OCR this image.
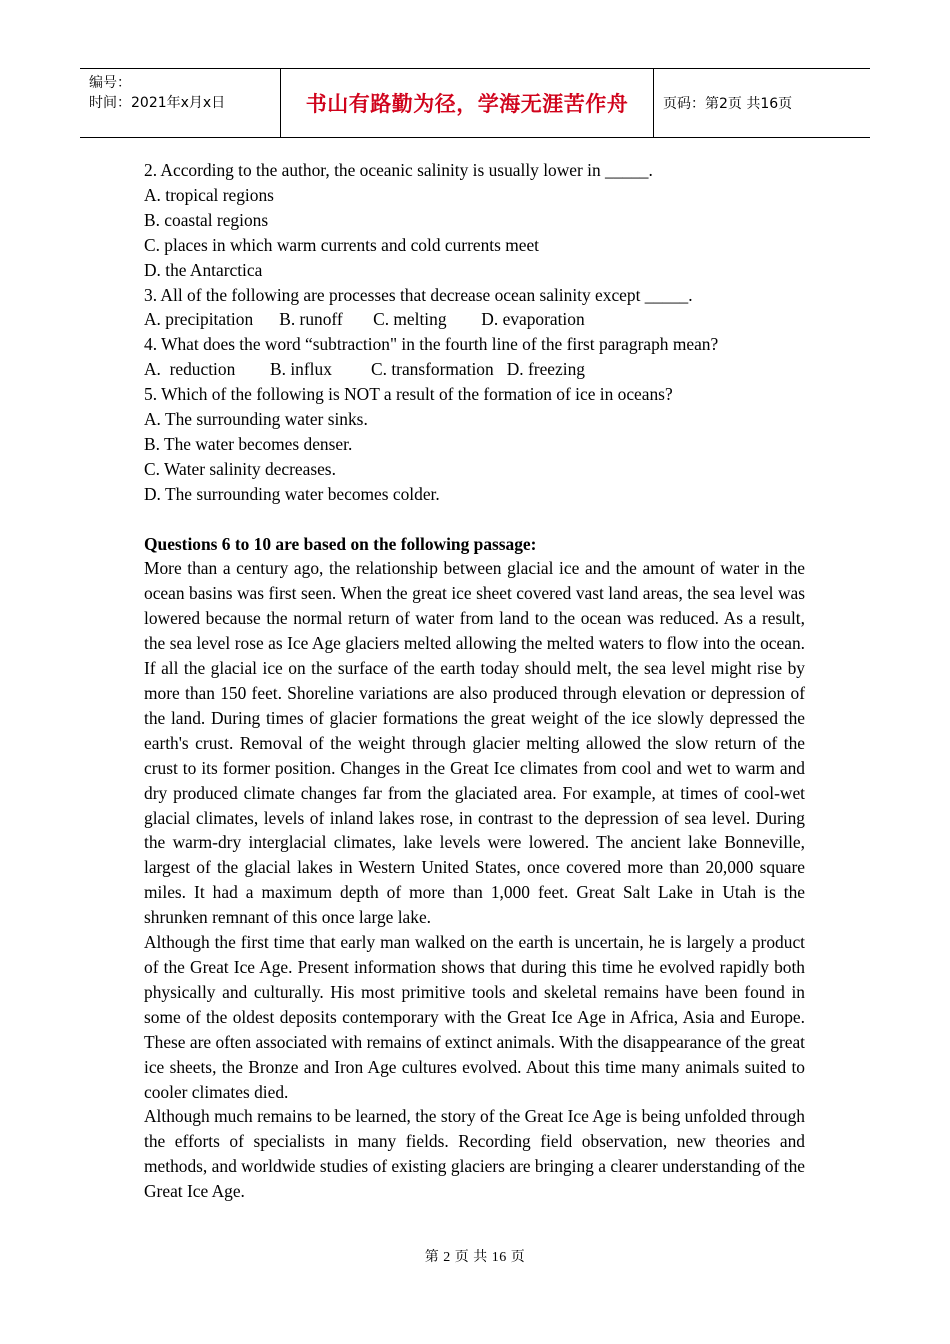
编号：
时间：2021年x月x日	书山有路勤为径，学海无涯苦作舟	页码：第2页 共16页
2. According to the author, the oceanic salinity is usually lower in _____.
A. tropical regions
B. coastal regions
C. places in which warm currents and cold currents meet
D. the Antarctica
3. All of the following are processes that decrease ocean salinity except _____.
A. precipitation      B. runoff       C. melting        D. evaporation
4. What does the word “subtraction" in the fourth line of the first paragraph mean?
A.  reduction        B. influx         C. transformation   D. freezing
5. Which of the following is NOT a result of the formation of ice in oceans?
A. The surrounding water sinks.
B. The water becomes denser.
C. Water salinity decreases.
D. The surrounding water becomes colder.
Questions 6 to 10 are based on the following passage:
More than a century ago, the relationship between glacial ice and the amount of water in the ocean basins was first seen. When the great ice sheet covered vast land areas, the sea level was lowered because the normal return of water from land to the ocean was reduced. As a result, the sea level rose as Ice Age glaciers melted allowing the melted waters to flow into the ocean. If all the glacial ice on the surface of the earth today should melt, the sea level might rise by more than 150 feet. Shoreline variations are also produced through elevation or depression of the land. During times of glacier formations the great weight of the ice slowly depressed the earth's crust. Removal of the weight through glacier melting allowed the slow return of the crust to its former position. Changes in the Great Ice climates from cool and wet to warm and dry produced climate changes far from the glaciated area. For example, at times of cool-wet glacial climates, levels of inland lakes rose, in contrast to the depression of sea level. During the warm-dry interglacial climates, lake levels were lowered. The ancient lake Bonneville, largest of the glacial lakes in Western United States, once covered more than 20,000 square miles. It had a maximum depth of more than 1,000 feet. Great Salt Lake in Utah is the shrunken remnant of this once large lake.
Although the first time that early man walked on the earth is uncertain, he is largely a product of the Great Ice Age. Present information shows that during this time he evolved rapidly both physically and culturally. His most primitive tools and skeletal remains have been found in some of the oldest deposits contemporary with the Great Ice Age in Africa, Asia and Europe. These are often associated with remains of extinct animals. With the disappearance of the great ice sheets, the Bronze and Iron Age cultures evolved. About this time many animals suited to cooler climates died.
Although much remains to be learned, the story of the Great Ice Age is being unfolded through the efforts of specialists in many fields. Recording field observation, new theories and methods, and worldwide studies of existing glaciers are bringing a clearer understanding of the Great Ice Age.
第 2 页 共 16 页
